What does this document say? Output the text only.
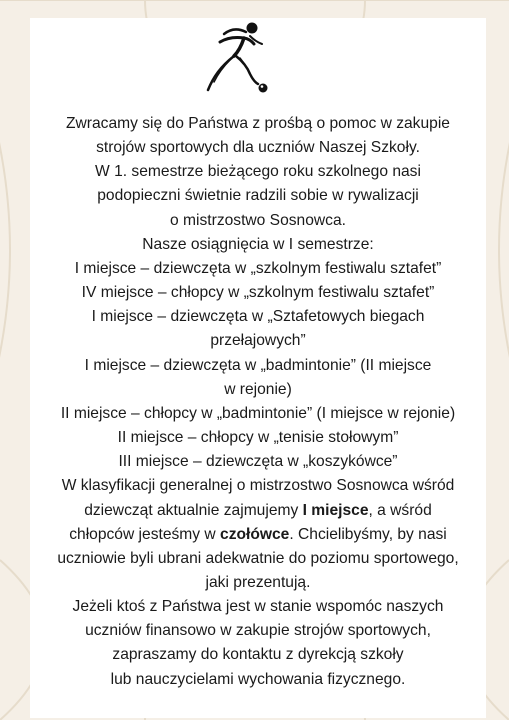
Zwracamy się do Państwa z prośbą o pomoc w zakupie
strojów sportowych dla uczniów Naszej Szkoły.
W 1. semestrze bieżącego roku szkolnego nasi
podopieczni świetnie radzili sobie w rywalizacji
o mistrzostwo Sosnowca.
Nasze osiągnięcia w I semestrze:
I miejsce – dziewczęta w „szkolnym festiwalu sztafet”
IV miejsce – chłopcy w „szkolnym festiwalu sztafet”
I miejsce – dziewczęta w „Sztafetowych biegach
przełajowych”
I miejsce – dziewczęta w „badmintonie” (II miejsce
w rejonie)
II miejsce – chłopcy w „badmintonie” (I miejsce w rejonie)
II miejsce – chłopcy w „tenisie stołowym”
III miejsce – dziewczęta w „koszykówce”
W klasyfikacji generalnej o mistrzostwo Sosnowca wśród
dziewcząt aktualnie zajmujemy I miejsce, a wśród
chłopców jesteśmy w czołówce. Chcielibyśmy, by nasi
uczniowie byli ubrani adekwatnie do poziomu sportowego,
jaki prezentują.
Jeżeli ktoś z Państwa jest w stanie wspomóc naszych
uczniów finansowo w zakupie strojów sportowych,
zapraszamy do kontaktu z dyrekcją szkoły
lub nauczycielami wychowania fizycznego.
